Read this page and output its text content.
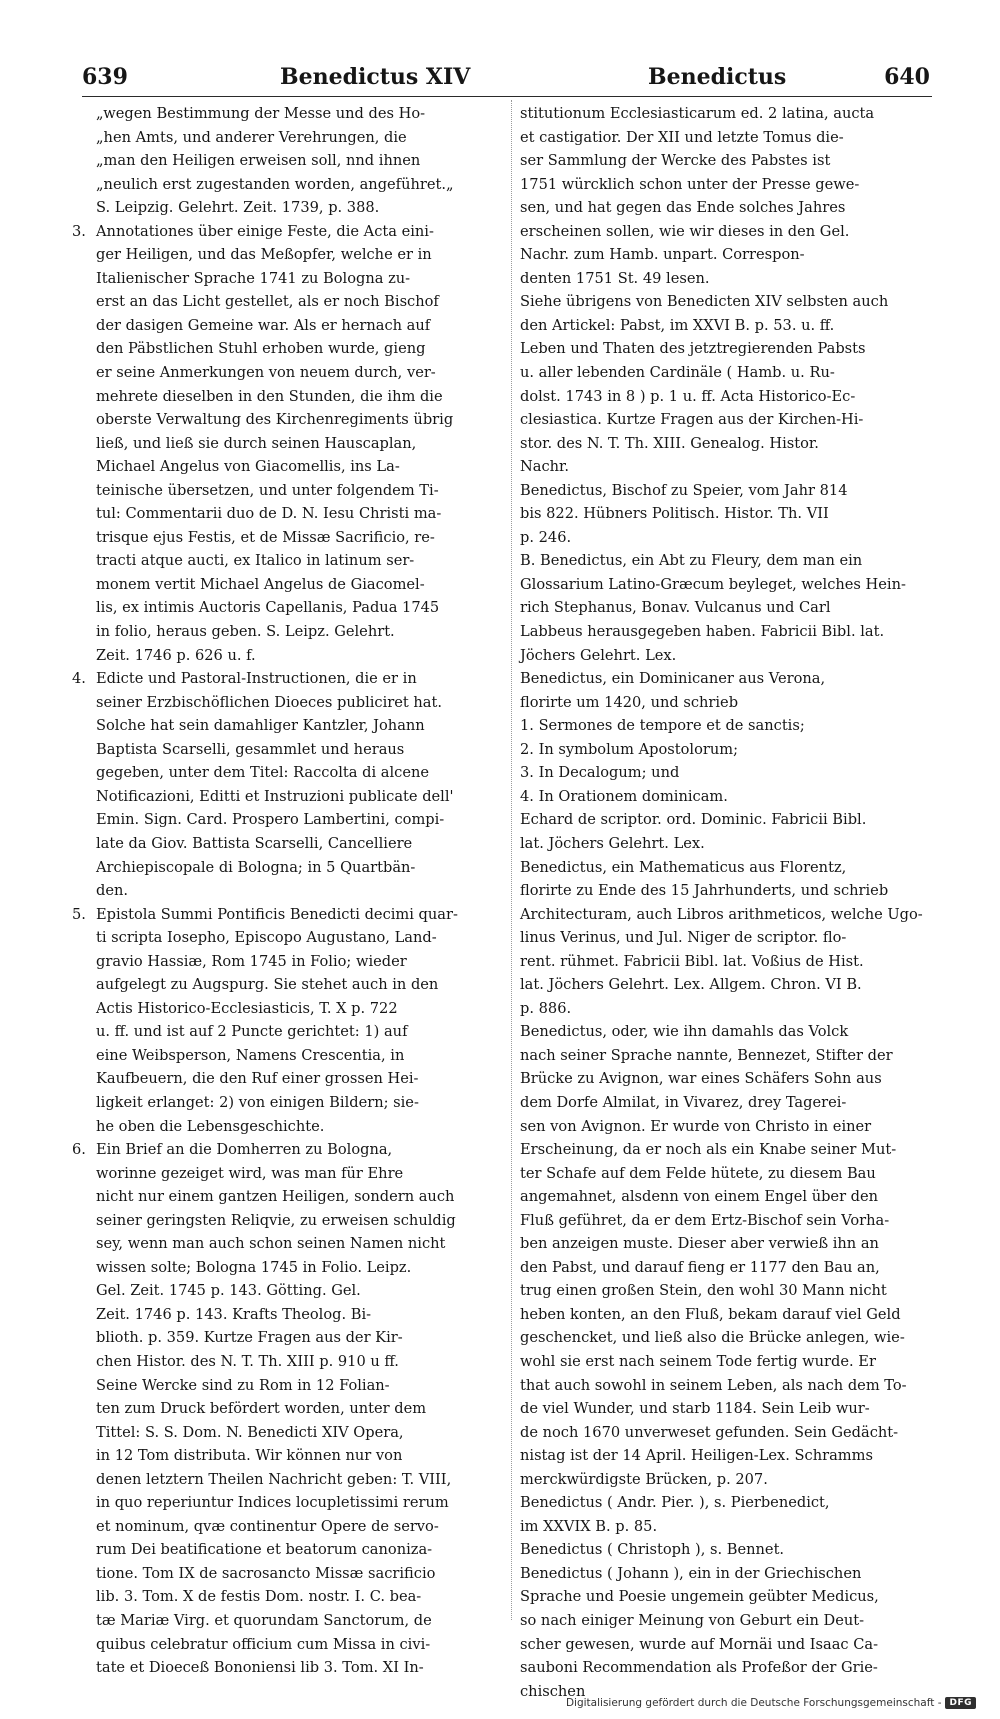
639	Benedictus XIV	Benedictus	640
„wegen Bestimmung der Messe und des Ho-
„hen Amts, und anderer Verehrungen, die
„man den Heiligen erweisen soll, nnd ihnen
„neulich erst zugestanden worden, angeführet.„
S. Leipzig. Gelehrt. Zeit. 1739, p. 388.
3. Annotationes über einige Feste, die Acta eini-
ger Heiligen, und das Meßopfer, welche er in
Italienischer Sprache 1741 zu Bologna zu-
erst an das Licht gestellet, als er noch Bischof
der dasigen Gemeine war. Als er hernach auf
den Päbstlichen Stuhl erhoben wurde, gieng
er seine Anmerkungen von neuem durch, ver-
mehrete dieselben in den Stunden, die ihm die
oberste Verwaltung des Kirchenregiments übrig
ließ, und ließ sie durch seinen Hauscaplan,
Michael Angelus von Giacomellis, ins La-
teinische übersetzen, und unter folgendem Ti-
tul: Commentarii duo de D. N. Iesu Christi ma-
trisque ejus Festis, et de Missæ Sacrificio, re-
tracti atque aucti, ex Italico in latinum ser-
monem vertit Michael Angelus de Giacomel-
lis, ex intimis Auctoris Capellanis, Padua 1745
in folio, heraus geben. S. Leipz. Gelehrt.
Zeit. 1746 p. 626 u. f.
4. Edicte und Pastoral-Instructionen, die er in
seiner Erzbischöflichen Dioeces publiciret hat.
Solche hat sein damahliger Kantzler, Johann
Baptista Scarselli, gesammlet und heraus
gegeben, unter dem Titel: Raccolta di alcene
Notificazioni, Editti et Instruzioni publicate dell'
Emin. Sign. Card. Prospero Lambertini, compi-
late da Giov. Battista Scarselli, Cancelliere
Archiepiscopale di Bologna; in 5 Quartbän-
den.
5. Epistola Summi Pontificis Benedicti decimi quar-
ti scripta Iosepho, Episcopo Augustano, Land-
gravio Hassiæ, Rom 1745 in Folio; wieder
aufgelegt zu Augspurg. Sie stehet auch in den
Actis Historico-Ecclesiasticis, T. X p. 722
u. ff. und ist auf 2 Puncte gerichtet: 1) auf
eine Weibsperson, Namens Crescentia, in
Kaufbeuern, die den Ruf einer grossen Hei-
ligkeit erlanget: 2) von einigen Bildern; sie-
he oben die Lebensgeschichte.
6. Ein Brief an die Domherren zu Bologna,
worinne gezeiget wird, was man für Ehre
nicht nur einem gantzen Heiligen, sondern auch
seiner geringsten Reliqvie, zu erweisen schuldig
sey, wenn man auch schon seinen Namen nicht
wissen solte; Bologna 1745 in Folio. Leipz.
Gel. Zeit. 1745 p. 143. Götting. Gel.
Zeit. 1746 p. 143. Krafts Theolog. Bi-
blioth. p. 359. Kurtze Fragen aus der Kir-
chen Histor. des N. T. Th. XIII p. 910 u ff.
Seine Wercke sind zu Rom in 12 Folian-
ten zum Druck befördert worden, unter dem
Tittel: S. S. Dom. N. Benedicti XIV Opera,
in 12 Tom distributa. Wir können nur von
denen letztern Theilen Nachricht geben: T. VIII,
in quo reperiuntur Indices locupletissimi rerum
et nominum, qvæ continentur Opere de servo-
rum Dei beatificatione et beatorum canoniza-
tione. Tom IX de sacrosancto Missæ sacrificio
lib. 3. Tom. X de festis Dom. nostr. I. C. bea-
tæ Mariæ Virg. et quorundam Sanctorum, de
quibus celebratur officium cum Missa in civi-
tate et Dioeceß Bononiensi lib 3. Tom. XI In-
stitutionum Ecclesiasticarum ed. 2 latina, aucta
et castigatior. Der XII und letzte Tomus die-
ser Sammlung der Wercke des Pabstes ist
1751 würcklich schon unter der Presse gewe-
sen, und hat gegen das Ende solches Jahres
erscheinen sollen, wie wir dieses in den Gel.
Nachr. zum Hamb. unpart. Correspon-
denten 1751 St. 49 lesen.
Siehe übrigens von Benedicten XIV selbsten auch
den Artickel: Pabst, im XXVI B. p. 53. u. ff.
Leben und Thaten des jetztregierenden Pabsts
u. aller lebenden Cardinäle ( Hamb. u. Ru-
dolst. 1743 in 8 ) p. 1 u. ff. Acta Historico-Ec-
clesiastica. Kurtze Fragen aus der Kirchen-Hi-
stor. des N. T. Th. XIII. Genealog. Histor.
Nachr.
Benedictus, Bischof zu Speier, vom Jahr 814
bis 822. Hübners Politisch. Histor. Th. VII
p. 246.
B. Benedictus, ein Abt zu Fleury, dem man ein
Glossarium Latino-Græcum beyleget, welches Hein-
rich Stephanus, Bonav. Vulcanus und Carl
Labbeus herausgegeben haben. Fabricii Bibl. lat.
Jöchers Gelehrt. Lex.
Benedictus, ein Dominicaner aus Verona,
florirte um 1420, und schrieb
1. Sermones de tempore et de sanctis;
2. In symbolum Apostolorum;
3. In Decalogum; und
4. In Orationem dominicam.
Echard de scriptor. ord. Dominic. Fabricii Bibl.
lat. Jöchers Gelehrt. Lex.
Benedictus, ein Mathematicus aus Florentz,
florirte zu Ende des 15 Jahrhunderts, und schrieb
Architecturam, auch Libros arithmeticos, welche Ugo-
linus Verinus, und Jul. Niger de scriptor. flo-
rent. rühmet. Fabricii Bibl. lat. Voßius de Hist.
lat. Jöchers Gelehrt. Lex. Allgem. Chron. VI B.
p. 886.
Benedictus, oder, wie ihn damahls das Volck
nach seiner Sprache nannte, Bennezet, Stifter der
Brücke zu Avignon, war eines Schäfers Sohn aus
dem Dorfe Almilat, in Vivarez, drey Tagerei-
sen von Avignon. Er wurde von Christo in einer
Erscheinung, da er noch als ein Knabe seiner Mut-
ter Schafe auf dem Felde hütete, zu diesem Bau
angemahnet, alsdenn von einem Engel über den
Fluß geführet, da er dem Ertz-Bischof sein Vorha-
ben anzeigen muste. Dieser aber verwieß ihn an
den Pabst, und darauf fieng er 1177 den Bau an,
trug einen großen Stein, den wohl 30 Mann nicht
heben konten, an den Fluß, bekam darauf viel Geld
geschencket, und ließ also die Brücke anlegen, wie-
wohl sie erst nach seinem Tode fertig wurde. Er
that auch sowohl in seinem Leben, als nach dem To-
de viel Wunder, und starb 1184. Sein Leib wur-
de noch 1670 unverweset gefunden. Sein Gedächt-
nistag ist der 14 April. Heiligen-Lex. Schramms
merckwürdigste Brücken, p. 207.
Benedictus ( Andr. Pier. ), s. Pierbenedict,
im XXVIX B. p. 85.
Benedictus ( Christoph ), s. Bennet.
Benedictus ( Johann ), ein in der Griechischen
Sprache und Poesie ungemein geübter Medicus,
so nach einiger Meinung von Geburt ein Deut-
scher gewesen, wurde auf Mornäi und Isaac Ca-
sauboni Recommendation als Profeßor der Grie-
chischen
Digitalisierung gefördert durch die Deutsche Forschungsgemeinschaft - DFG
